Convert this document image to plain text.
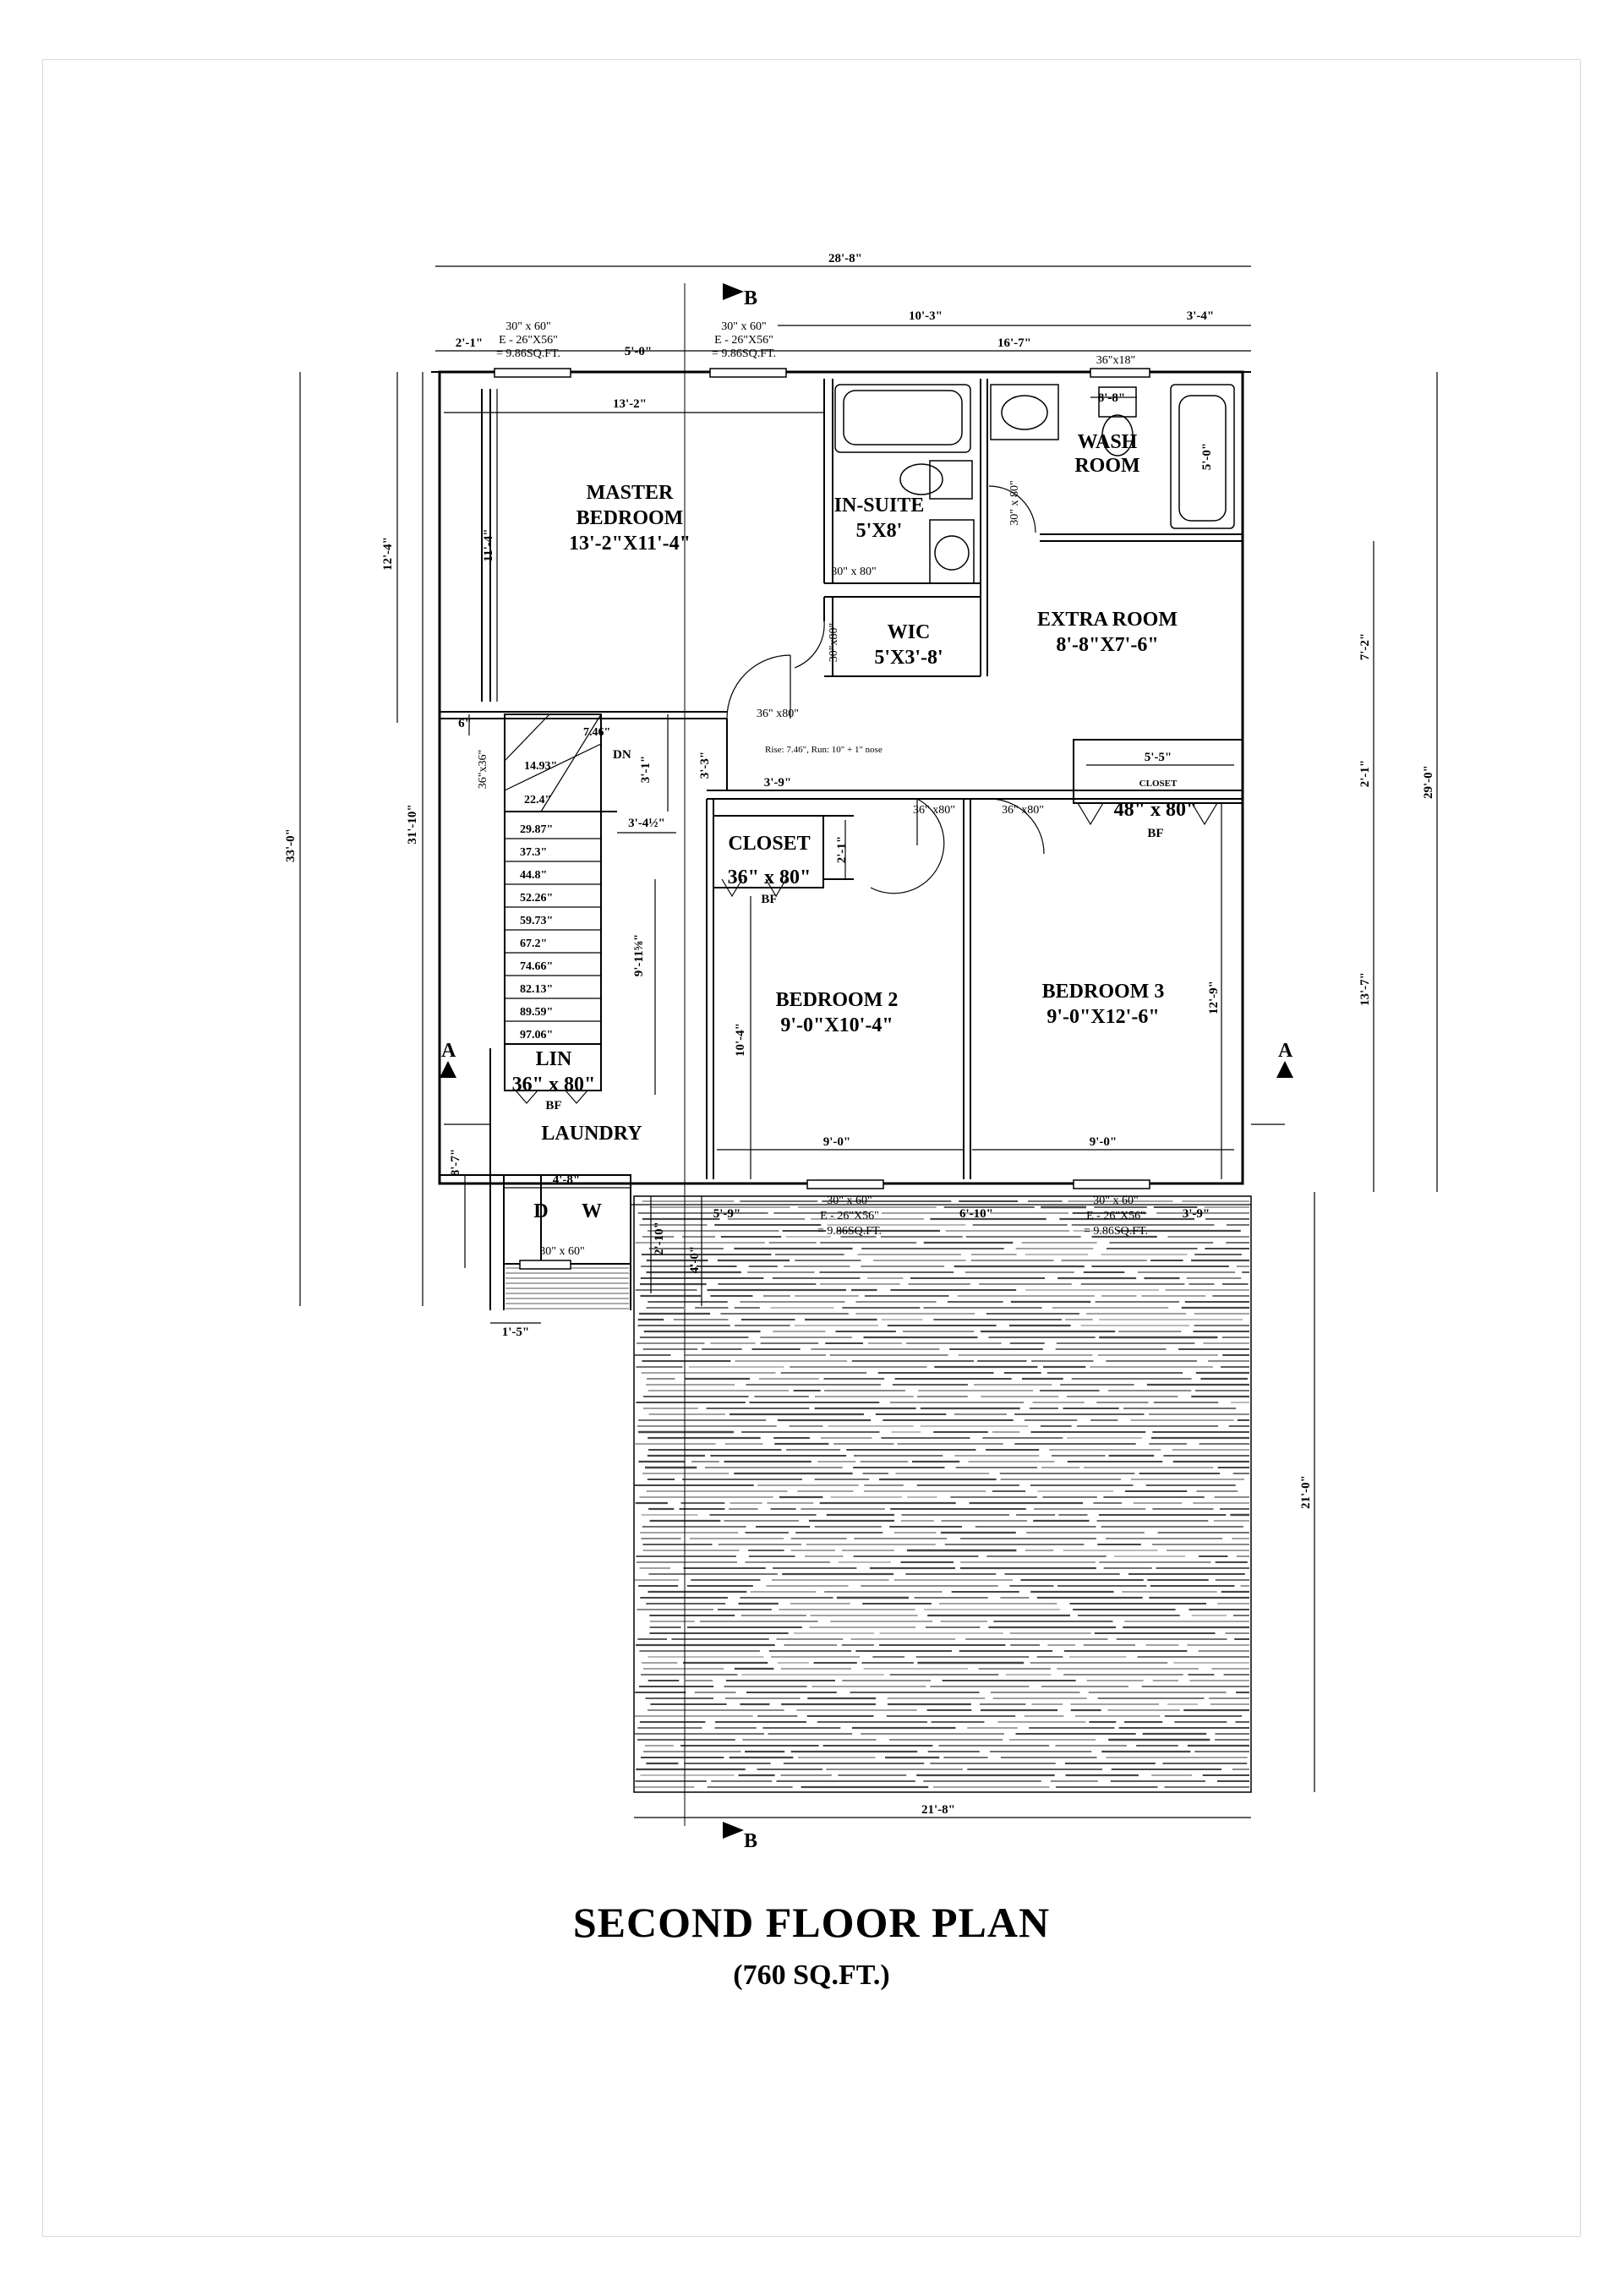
MASTER
BEDROOM
13'-2"X11'-4"
IN-SUITE
5'X8'
WASH
ROOM
WIC
5'X3'-8'
EXTRA ROOM
8'-8"X7'-6"
BEDROOM 2
9'-0"X10'-4"
BEDROOM 3
9'-0"X12'-6"
CLOSET
CLOSET
LIN
LAUNDRY
D W
DN
B
B
A	A
30" x 60"
E - 26"X56"
= 9.86SQ.FT.
30" x 60"
E - 26"X56"
= 9.86SQ.FT.
36"x18"
30" x 60"
E - 26"X56"
= 9.86SQ.FT.
30" x 60"
E - 26"X56"
= 9.86SQ.FT.
30" x 60"
30" x 80"
30"x80"
36" x80"
30" x 80"
36" x80"	36" x80"
36" x 80"
48" x 80"
36" x 80"
BF
BF
BF
36"x36"
28'-8"
2'-1"
5'-0"
10'-3"
16'-7"
3'-4"
13'-2"	8'-8"
5'-0"
33'-0"
31'-10"
12'-4"	11'-4"
6"
8'-7"
29'-0"
7'-2"
2'-1"
13'-7"
21'-0"
3'-3"
3'-9"
3'-1"
3'-4½"
2'-1"
5'-5"
9'-11⅝"
10'-4"
12'-9"
9'-0"	9'-0"
4'-8"
1'-5"
2'-10"
4'-0"
5'-9"	6'-10"	3'-9"
21'-8"
Rise: 7.46", Run: 10" + 1" nose
7.46"
14.93"
22.4"
29.87"
37.3"
44.8"
52.26"
59.73"
67.2"
74.66"
82.13"
89.59"
97.06"
SECOND FLOOR PLAN
(760 SQ.FT.)
